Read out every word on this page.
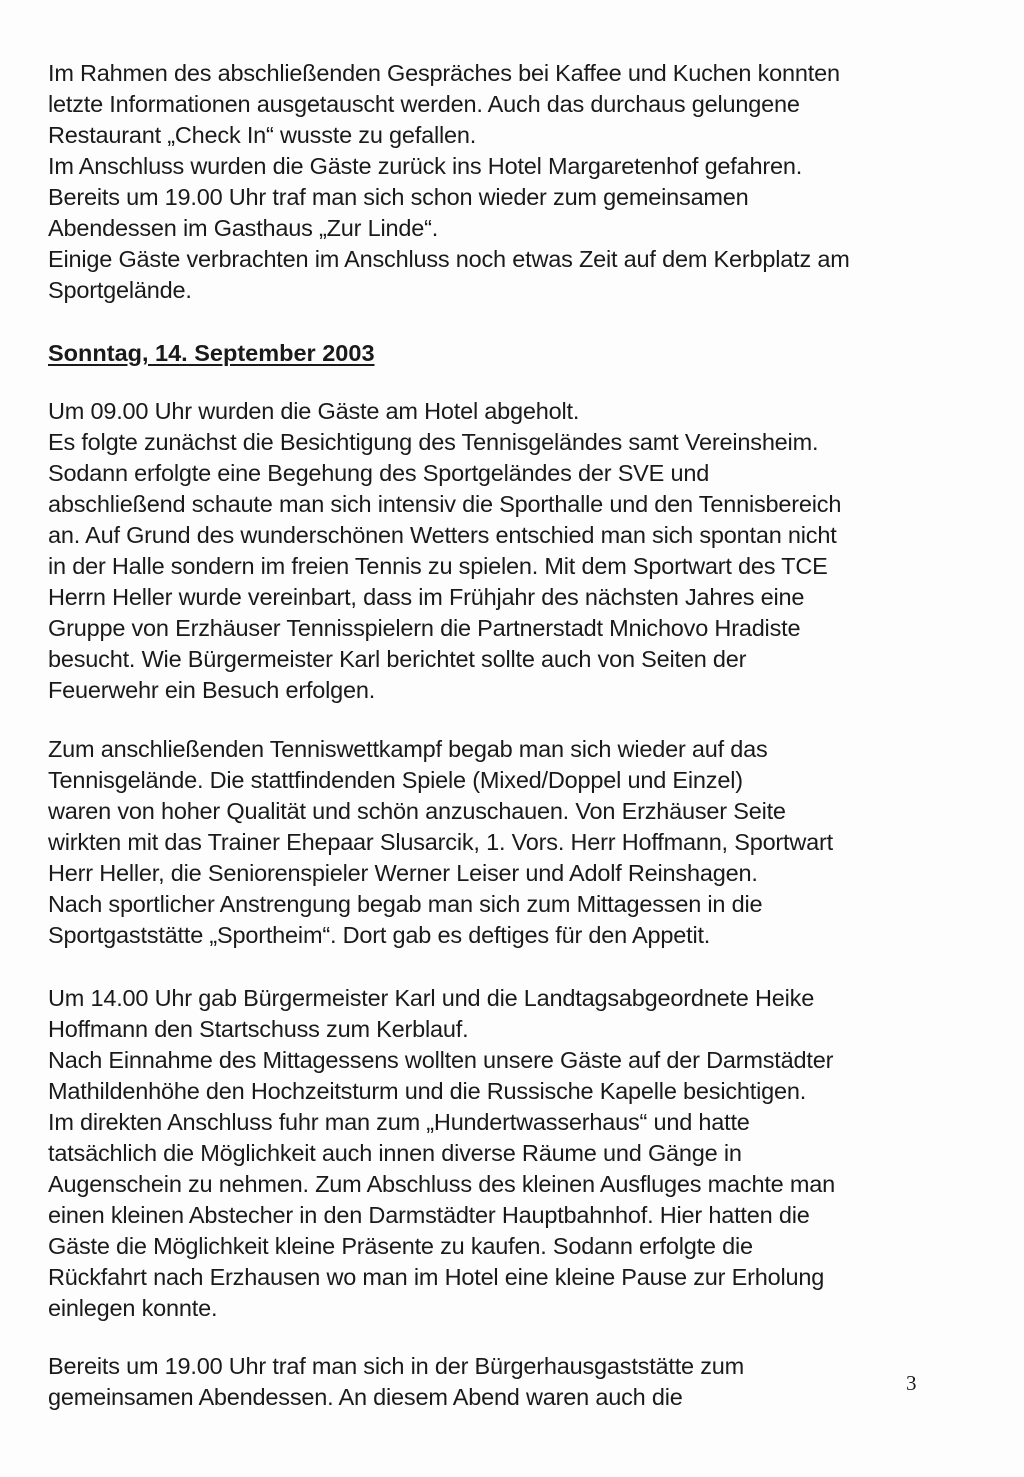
Im Rahmen des abschließenden Gespräches bei Kaffee und Kuchen konnten
letzte Informationen ausgetauscht werden. Auch das durchaus gelungene
Restaurant „Check In“ wusste zu gefallen.
Im Anschluss wurden die Gäste zurück ins Hotel Margaretenhof gefahren.
Bereits um 19.00 Uhr traf man sich schon wieder zum gemeinsamen
Abendessen im Gasthaus „Zur Linde“.
Einige Gäste verbrachten im Anschluss noch etwas Zeit auf dem Kerbplatz am
Sportgelände.
Sonntag, 14. September 2003
Um 09.00 Uhr wurden die Gäste am Hotel abgeholt.
Es folgte zunächst die Besichtigung des Tennisgeländes samt Vereinsheim.
Sodann erfolgte eine Begehung des Sportgeländes der SVE und
abschließend schaute man sich intensiv die Sporthalle und den Tennisbereich
an. Auf Grund des wunderschönen Wetters entschied man sich spontan nicht
in der Halle sondern im freien Tennis zu spielen. Mit dem Sportwart des TCE
Herrn Heller wurde vereinbart, dass im Frühjahr des nächsten Jahres eine
Gruppe von Erzhäuser Tennisspielern die Partnerstadt Mnichovo Hradiste
besucht. Wie Bürgermeister Karl berichtet sollte auch von Seiten der
Feuerwehr ein Besuch erfolgen.
Zum anschließenden Tenniswettkampf begab man sich wieder auf das
Tennisgelände. Die stattfindenden Spiele (Mixed/Doppel und Einzel)
waren von hoher Qualität und schön anzuschauen. Von Erzhäuser Seite
wirkten mit das Trainer Ehepaar Slusarcik, 1. Vors. Herr Hoffmann, Sportwart
Herr Heller, die Seniorenspieler Werner Leiser und Adolf Reinshagen.
Nach sportlicher Anstrengung begab man sich zum Mittagessen in die
Sportgaststätte „Sportheim“. Dort gab es deftiges für den Appetit.
Um 14.00 Uhr gab Bürgermeister Karl und die Landtagsabgeordnete Heike
Hoffmann den Startschuss zum Kerblauf.
Nach Einnahme des Mittagessens wollten unsere Gäste auf der Darmstädter
Mathildenhöhe den Hochzeitsturm und die Russische Kapelle besichtigen.
Im direkten Anschluss fuhr man zum „Hundertwasserhaus“ und hatte
tatsächlich die Möglichkeit auch innen diverse Räume und Gänge in
Augenschein zu nehmen. Zum Abschluss des kleinen Ausfluges machte man
einen kleinen Abstecher in den Darmstädter Hauptbahnhof. Hier hatten die
Gäste die Möglichkeit kleine Präsente zu kaufen. Sodann erfolgte die
Rückfahrt nach Erzhausen wo man im Hotel eine kleine Pause zur Erholung
einlegen konnte.
Bereits um 19.00 Uhr traf man sich in der Bürgerhausgaststätte zum
gemeinsamen Abendessen. An diesem Abend waren auch die
3
